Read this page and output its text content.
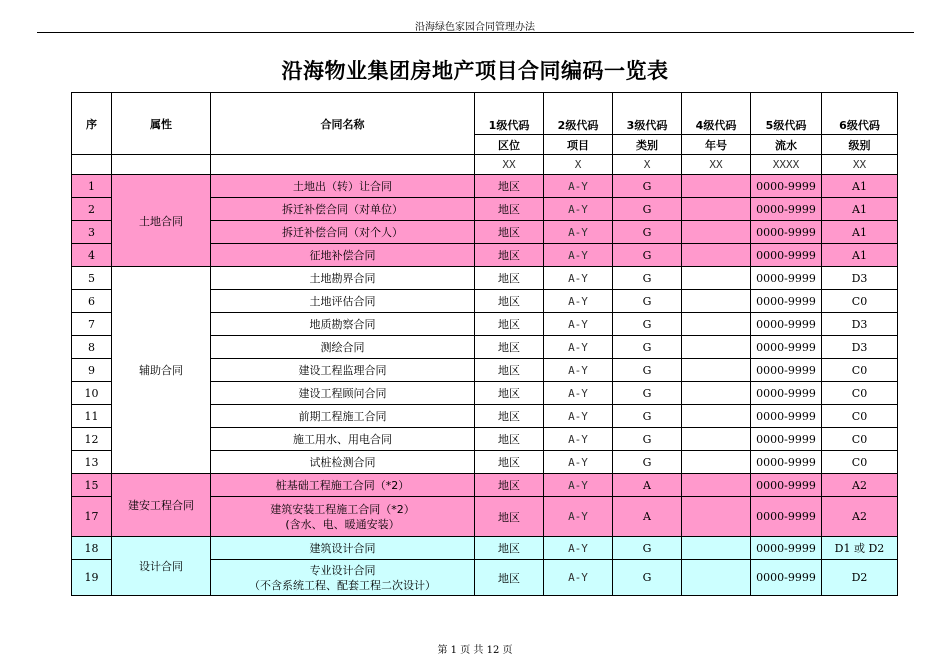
沿海绿色家园合同管理办法
沿海物业集团房地产项目合同编码一览表
序	属性	合同名称	1级代码	2级代码	3级代码	4级代码	5级代码	6级代码
			区位	项目	类别	年号	流水	级别
			XX	X	X	XX	XXXX	XX
1	土地合同	土地出（转）让合同	地区	A-Y	G		0000-9999	A1
2		拆迁补偿合同（对单位）	地区	A-Y	G		0000-9999	A1
3		拆迁补偿合同（对个人）	地区	A-Y	G		0000-9999	A1
4		征地补偿合同	地区	A-Y	G		0000-9999	A1
5	辅助合同	土地勘界合同	地区	A-Y	G		0000-9999	D3
6		土地评估合同	地区	A-Y	G		0000-9999	C0
7		地质勘察合同	地区	A-Y	G		0000-9999	D3
8		测绘合同	地区	A-Y	G		0000-9999	D3
9		建设工程监理合同	地区	A-Y	G		0000-9999	C0
10		建设工程顾问合同	地区	A-Y	G		0000-9999	C0
11		前期工程施工合同	地区	A-Y	G		0000-9999	C0
12		施工用水、用电合同	地区	A-Y	G		0000-9999	C0
13		试桩检测合同	地区	A-Y	G		0000-9999	C0
15	建安工程合同	桩基础工程施工合同（*2）	地区	A-Y	A		0000-9999	A2
17		建筑安装工程施工合同（*2）
(含水、电、暖通安装）	地区	A-Y	A		0000-9999	A2
18	设计合同	建筑设计合同	地区	A-Y	G		0000-9999	D1 或 D2
19		专业设计合同
（不含系统工程、配套工程二次设计）	地区	A-Y	G		0000-9999	D2
第 1 页 共 12 页
